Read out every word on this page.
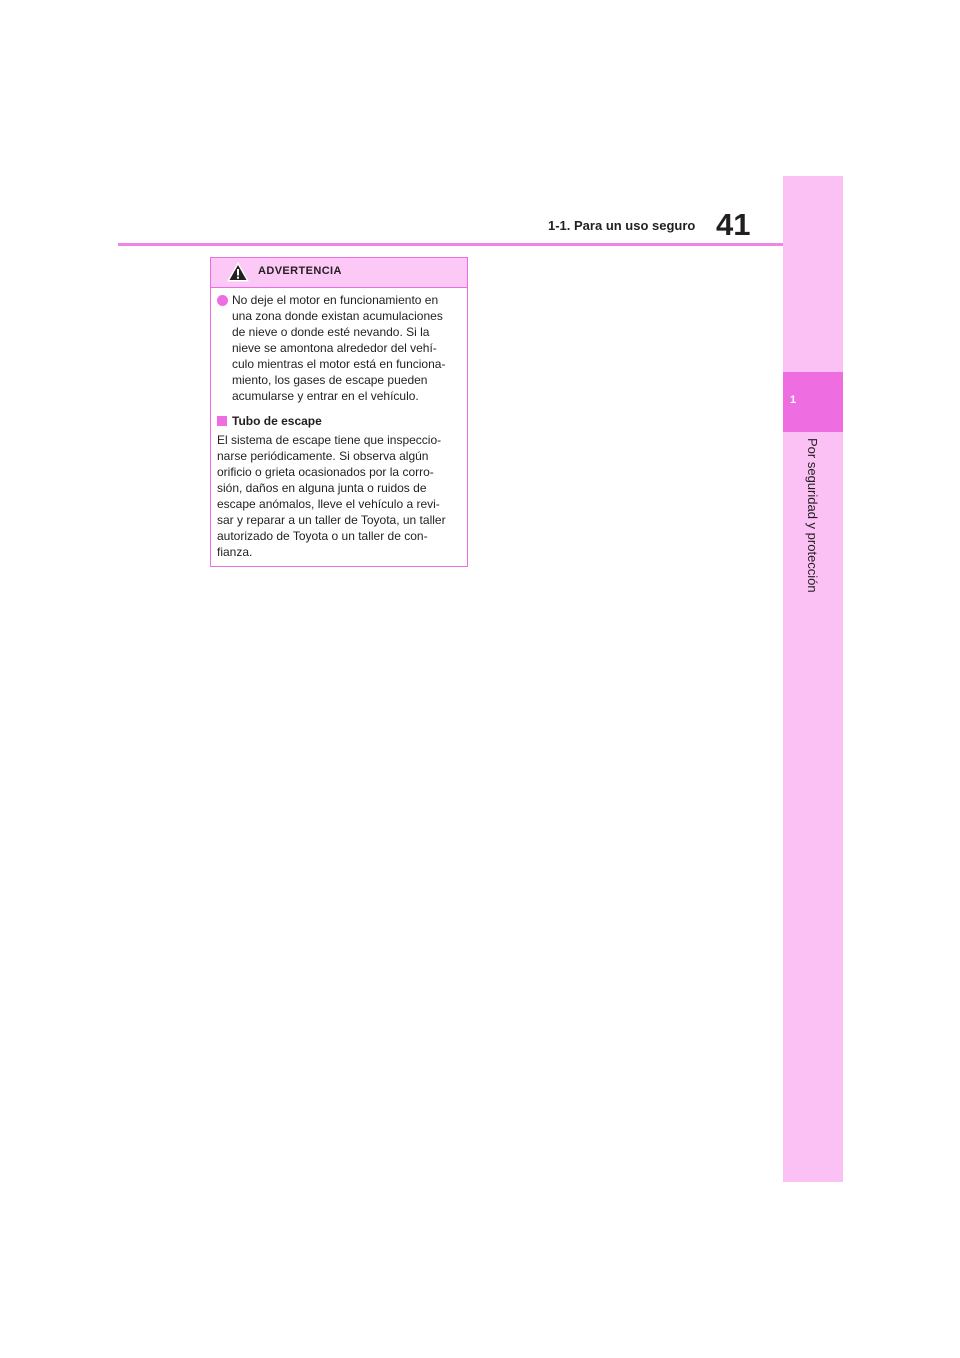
41
1-1. Para un uso seguro
1
Por seguridad y protección
ADVERTENCIA
No deje el motor en funcionamiento en
una zona donde existan acumulaciones
de nieve o donde esté nevando. Si la
nieve se amontona alrededor del vehí-
culo mientras el motor está en funciona-
miento, los gases de escape pueden
acumularse y entrar en el vehículo.
Tubo de escape
El sistema de escape tiene que inspeccio-
narse periódicamente. Si observa algún
orificio o grieta ocasionados por la corro-
sión, daños en alguna junta o ruidos de
escape anómalos, lleve el vehículo a revi-
sar y reparar a un taller de Toyota, un taller
autorizado de Toyota o un taller de con-
fianza.
